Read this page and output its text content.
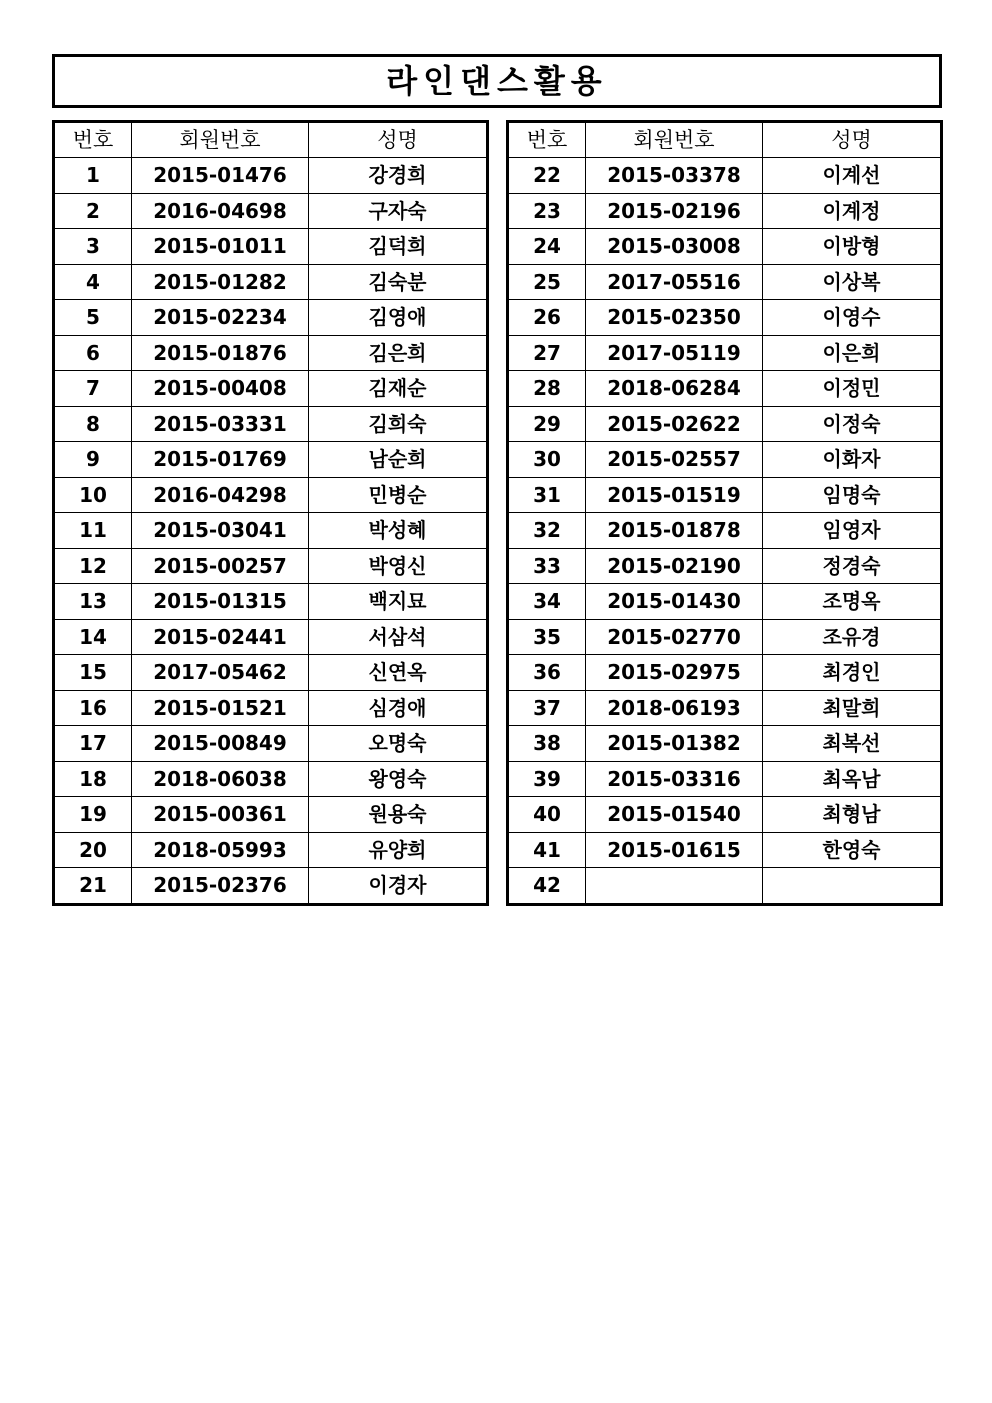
라인댄스활용
번호	회원번호	성명
1	2015-01476	강경희
2	2016-04698	구자숙
3	2015-01011	김덕희
4	2015-01282	김숙분
5	2015-02234	김영애
6	2015-01876	김은희
7	2015-00408	김재순
8	2015-03331	김희숙
9	2015-01769	남순희
10	2016-04298	민병순
11	2015-03041	박성혜
12	2015-00257	박영신
13	2015-01315	백지묘
14	2015-02441	서삼석
15	2017-05462	신연옥
16	2015-01521	심경애
17	2015-00849	오명숙
18	2018-06038	왕영숙
19	2015-00361	원용숙
20	2018-05993	유양희
21	2015-02376	이경자
번호	회원번호	성명
22	2015-03378	이계선
23	2015-02196	이계정
24	2015-03008	이방형
25	2017-05516	이상복
26	2015-02350	이영수
27	2017-05119	이은희
28	2018-06284	이정민
29	2015-02622	이정숙
30	2015-02557	이화자
31	2015-01519	임명숙
32	2015-01878	임영자
33	2015-02190	정경숙
34	2015-01430	조명옥
35	2015-02770	조유경
36	2015-02975	최경인
37	2018-06193	최말희
38	2015-01382	최복선
39	2015-03316	최옥남
40	2015-01540	최형남
41	2015-01615	한영숙
42		
